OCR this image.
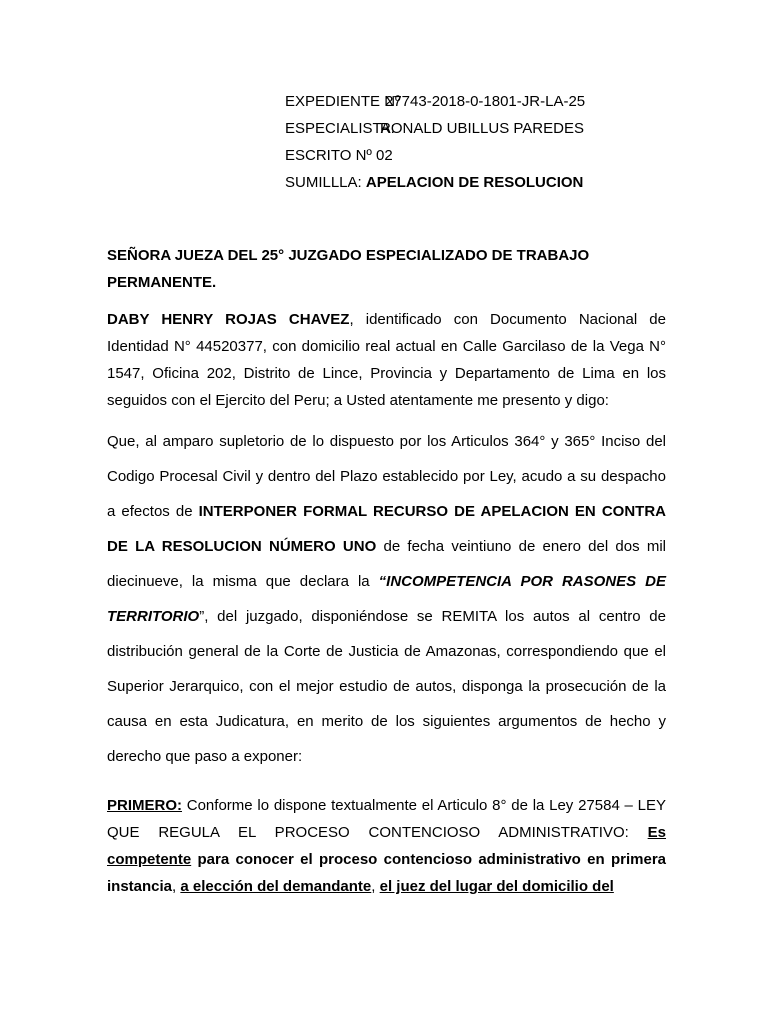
EXPEDIENTE Nº27743-2018-0-1801-JR-LA-25
ESPECIALISTA:RONALD UBILLUS PAREDES
ESCRITO Nº 02
SUMILLLA: APELACION DE RESOLUCION
SEÑORA JUEZA DEL 25° JUZGADO ESPECIALIZADO DE TRABAJO PERMANENTE.
DABY HENRY ROJAS CHAVEZ, identificado con Documento Nacional de Identidad N° 44520377, con domicilio real actual en Calle Garcilaso de la Vega N° 1547, Oficina 202, Distrito de Lince, Provincia y Departamento de Lima en los seguidos con el Ejercito del Peru; a Usted atentamente me presento y digo:
Que, al amparo supletorio de lo dispuesto por los Articulos 364° y 365° Inciso del Codigo Procesal Civil y dentro del Plazo establecido por Ley, acudo a su despacho a efectos de INTERPONER FORMAL RECURSO DE APELACION EN CONTRA DE LA RESOLUCION NÚMERO UNO de fecha veintiuno de enero del dos mil diecinueve, la misma que declara la “INCOMPETENCIA POR RASONES DE TERRITORIO”, del juzgado, disponiéndose se REMITA los autos al centro de distribución general de la Corte de Justicia de Amazonas, correspondiendo que el Superior Jerarquico, con el mejor estudio de autos, disponga la prosecución de la causa en esta Judicatura, en merito de los siguientes argumentos de hecho y derecho que paso a exponer:
PRIMERO: Conforme lo dispone textualmente el Articulo 8° de la Ley 27584 – LEY QUE REGULA EL PROCESO CONTENCIOSO ADMINISTRATIVO: Es competente para conocer el proceso contencioso administrativo en primera instancia, a elección del demandante, el juez del lugar del domicilio del
